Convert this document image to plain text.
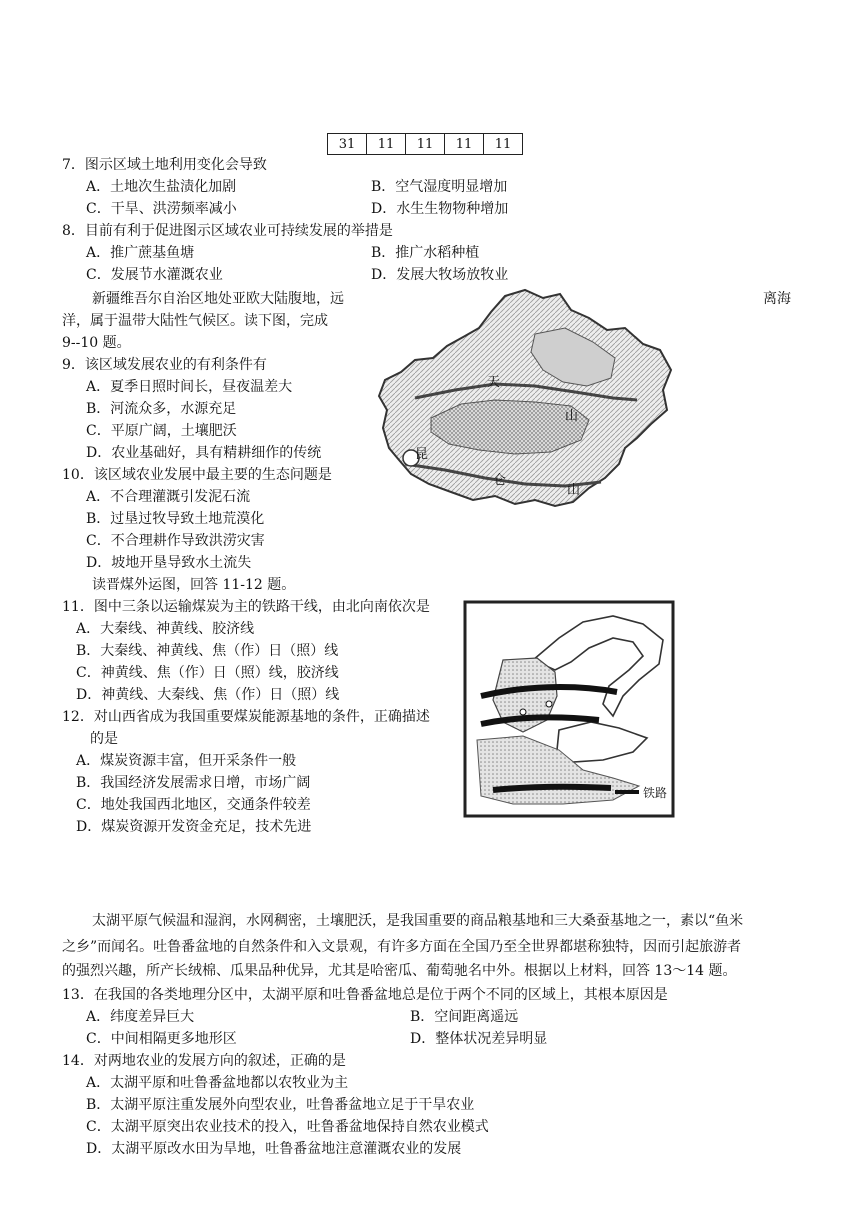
31	11	11	11	11
7．图示区域土地利用变化会导致
A．土地次生盐渍化加剧	B．空气湿度明显增加
C．干旱、洪涝频率减小	D．水生生物物种增加
8．目前有利于促进图示区域农业可持续发展的举措是
A．推广蔗基鱼塘	B．推广水稻种植
C．发展节水灌溉农业	D．发展大牧场放牧业
新疆维吾尔自治区地处亚欧大陆腹地，远	离海
洋，属于温带大陆性气候区。读下图，完成
9--10 题。
9．该区域发展农业的有利条件有
A．夏季日照时间长，昼夜温差大
B．河流众多，水源充足
C．平原广阔，土壤肥沃
D．农业基础好，具有精耕细作的传统
10．该区域农业发展中最主要的生态问题是
A．不合理灌溉引发泥石流
B．过垦过牧导致土地荒漠化
C．不合理耕作导致洪涝灾害
D．坡地开垦导致水土流失
天
山
昆
仑
山
读晋煤外运图，回答 11-12 题。
11．图中三条以运输煤炭为主的铁路干线，由北向南依次是
A．大秦线、神黄线、胶济线
B．大秦线、神黄线、焦（作）日（照）线
C．神黄线、焦（作）日（照）线，胶济线
D．神黄线、大秦线、焦（作）日（照）线
12．对山西省成为我国重要煤炭能源基地的条件，正确描述
的是
A．煤炭资源丰富，但开采条件一般
B．我国经济发展需求日增，市场广阔
C．地处我国西北地区，交通条件较差
D．煤炭资源开发资金充足，技术先进
铁路
太湖平原气候温和湿润，水网稠密，土壤肥沃，是我国重要的商品粮基地和三大桑蚕基地之一，素以“鱼米
之乡”而闻名。吐鲁番盆地的自然条件和入文景观，有许多方面在全国乃至全世界都堪称独特，因而引起旅游者
的强烈兴趣，所产长绒棉、瓜果品种优异，尤其是哈密瓜、葡萄驰名中外。根据以上材料，回答 13～14 题。
13．在我国的各类地理分区中，太湖平原和吐鲁番盆地总是位于两个不同的区域上，其根本原因是
A．纬度差异巨大	B．空间距离遥远
C．中间相隔更多地形区	D．整体状况差异明显
14．对两地农业的发展方向的叙述，正确的是
A．太湖平原和吐鲁番盆地都以农牧业为主
B．太湖平原注重发展外向型农业，吐鲁番盆地立足于干旱农业
C．太湖平原突出农业技术的投入，吐鲁番盆地保持自然农业模式
D．太湖平原改水田为旱地，吐鲁番盆地注意灌溉农业的发展
